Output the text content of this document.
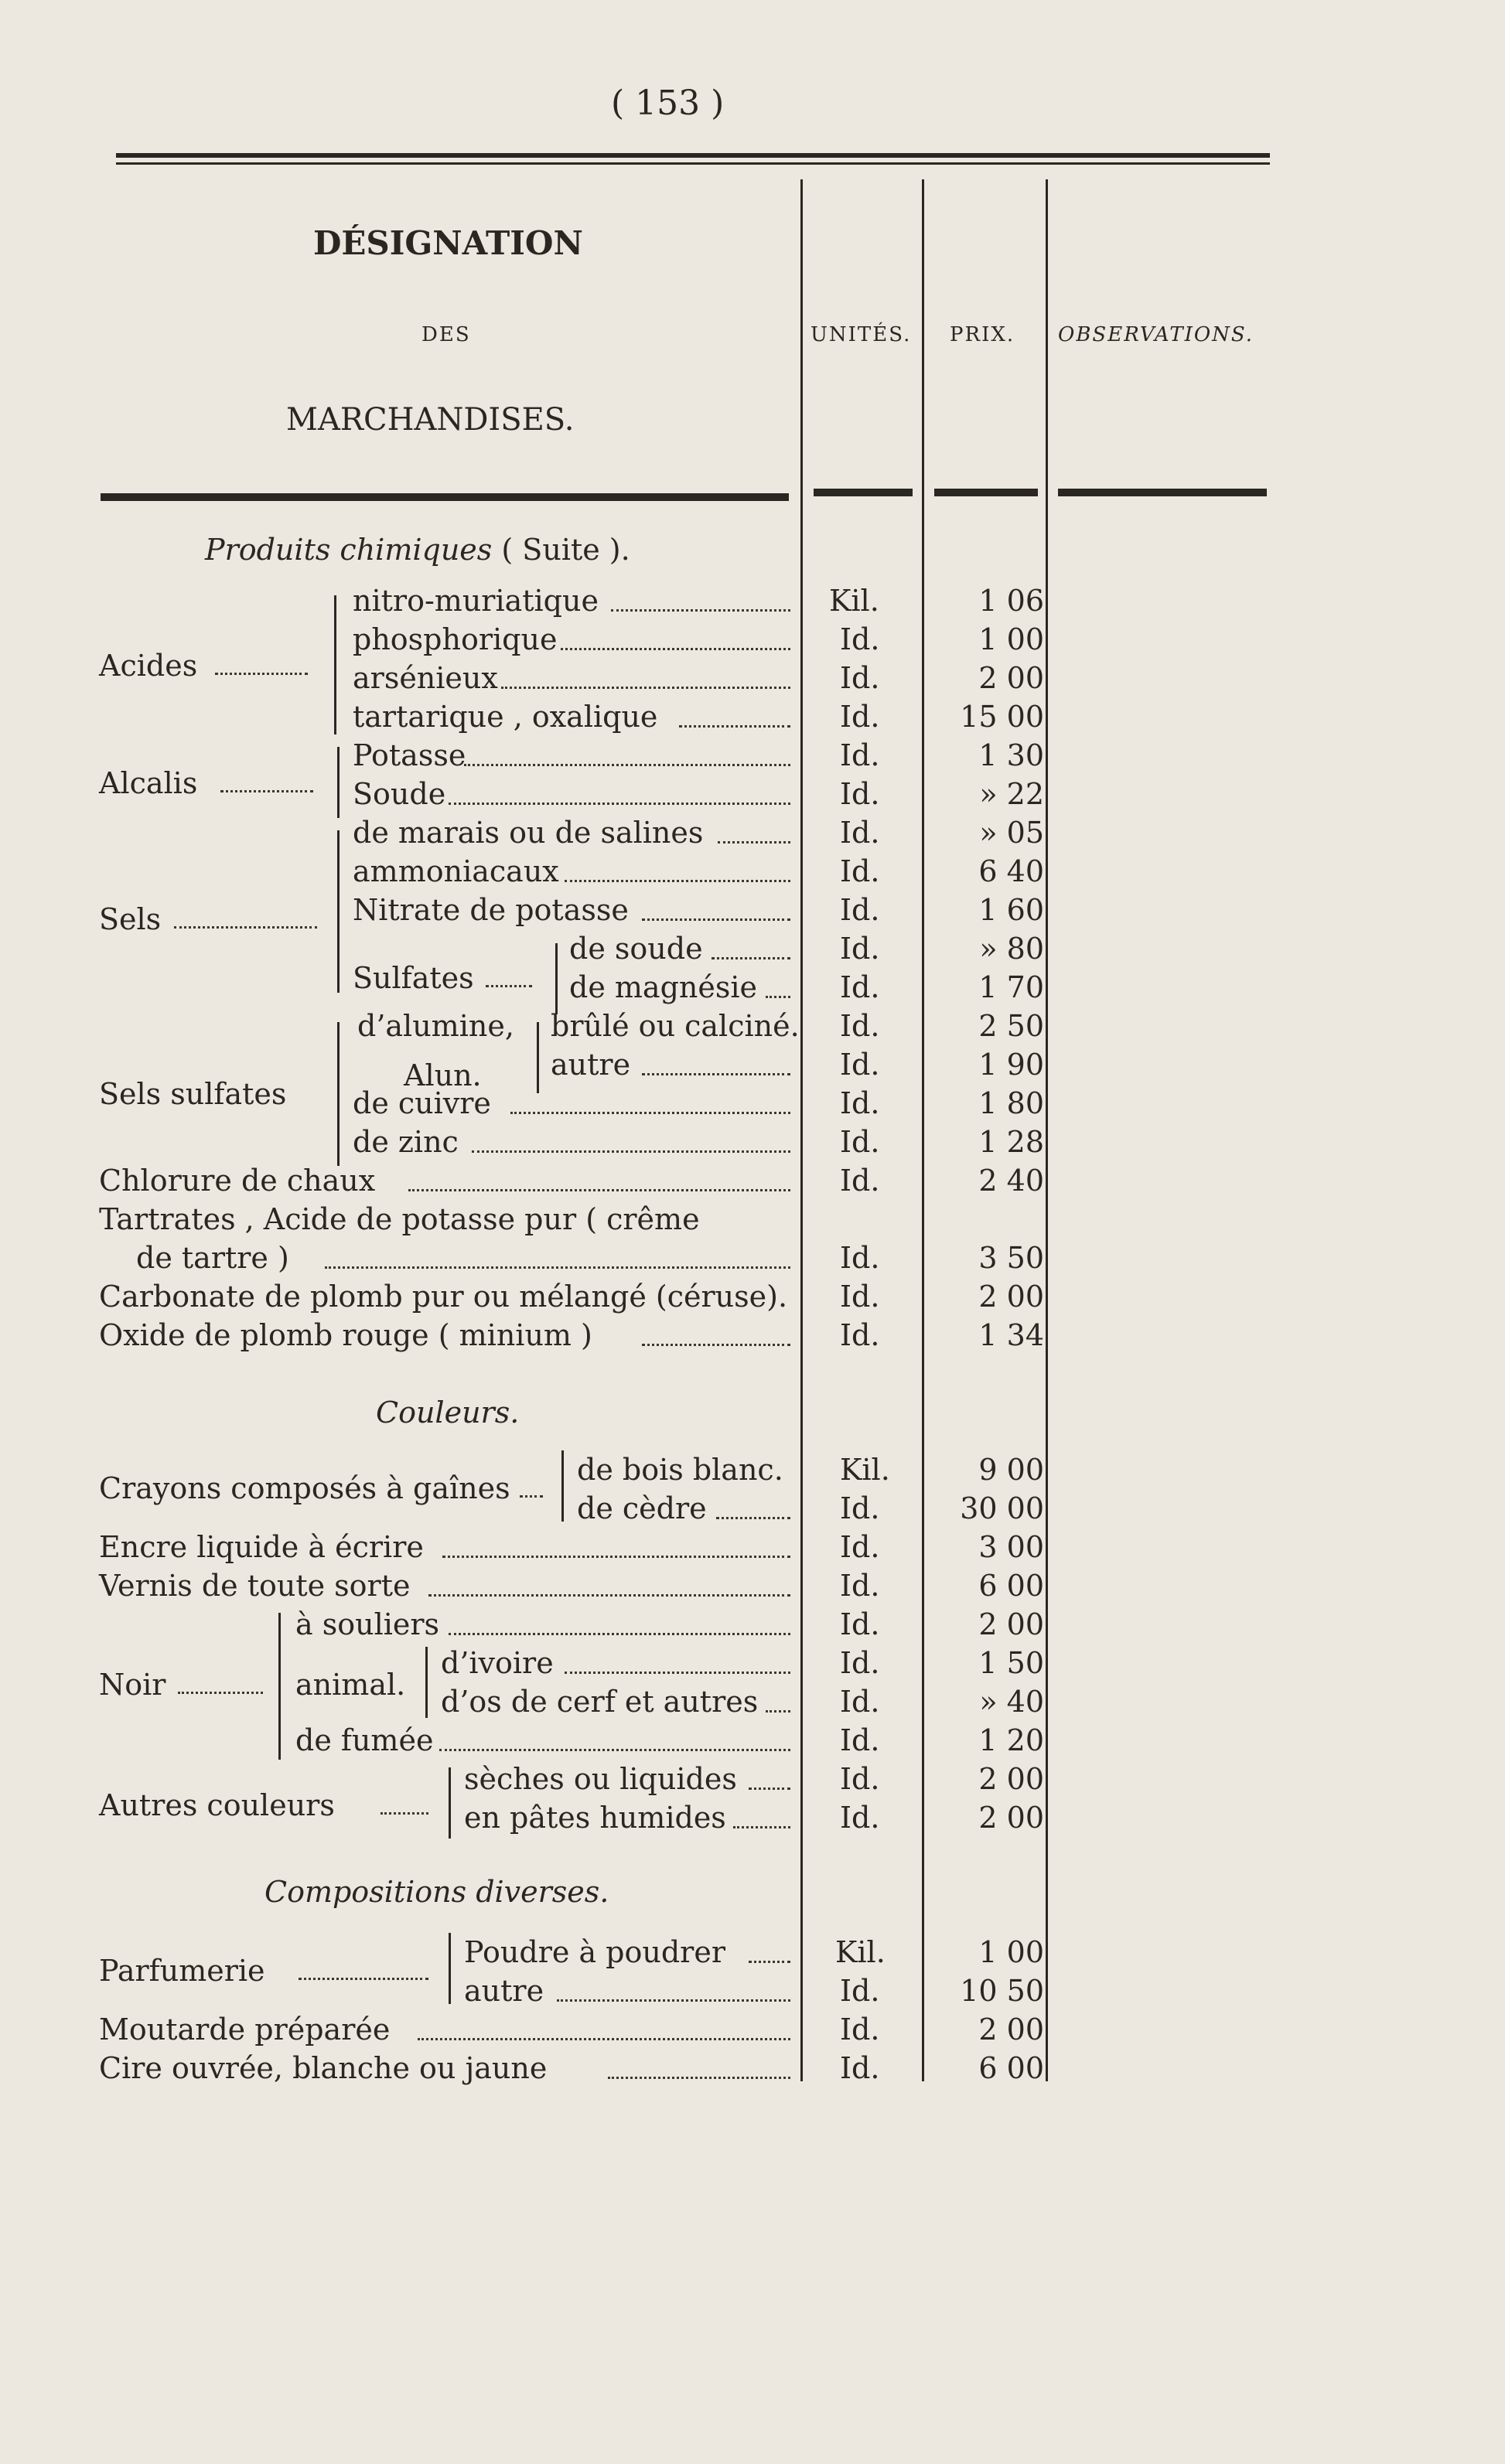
( 153 )
DÉSIGNATION
DES
MARCHANDISES.
UNITÉS. PRIX. OBSERVATIONS.
Produits chimiques ( Suite ).
Acides
Alcalis
Sels
Sulfates
Sels sulfates
Alun.
nitro-muriatique
phosphorique
arsénieux
tartarique , oxalique
Potasse
Soude
de marais ou de salines
ammoniacaux
Nitrate de potasse
de soude
de magnésie
d’alumine, brûlé ou calciné.
autre
de cuivre
de zinc
Chlorure de chaux
Tartrates , Acide de potasse pur ( crême
de tartre )
Carbonate de plomb pur ou mélangé (céruse).
Oxide de plomb rouge ( minium )
Couleurs.
Crayons composés à gaînes
de bois blanc.
de cèdre
Encre liquide à écrire
Vernis de toute sorte
Noir	animal.
à souliers
d’ivoire
d’os de cerf et autres
de fumée
Autres couleurs
sèches ou liquides
en pâtes humides
Compositions diverses.
Parfumerie
Poudre à poudrer
autre
Moutarde préparée
Cire ouvrée, blanche ou jaune
Kil.
Id.
Id.
Id.
Id.
Id.
Id.
Id.
Id.
Id.
Id.
Id.
Id.
Id.
Id.
Id.
Id.
Id.
Id.
Kil.
Id.
Id.
Id.
Id.
Id.
Id.
Id.
Id.
Id.
Kil.
Id.
Id.
Id.
1 06
1 00
2 00
15 00
1 30
» 22
» 05
6 40
1 60
» 80
1 70
2 50
1 90
1 80
1 28
2 40
3 50
2 00
1 34
9 00
30 00
3 00
6 00
2 00
1 50
» 40
1 20
2 00
2 00
1 00
10 50
2 00
6 00
